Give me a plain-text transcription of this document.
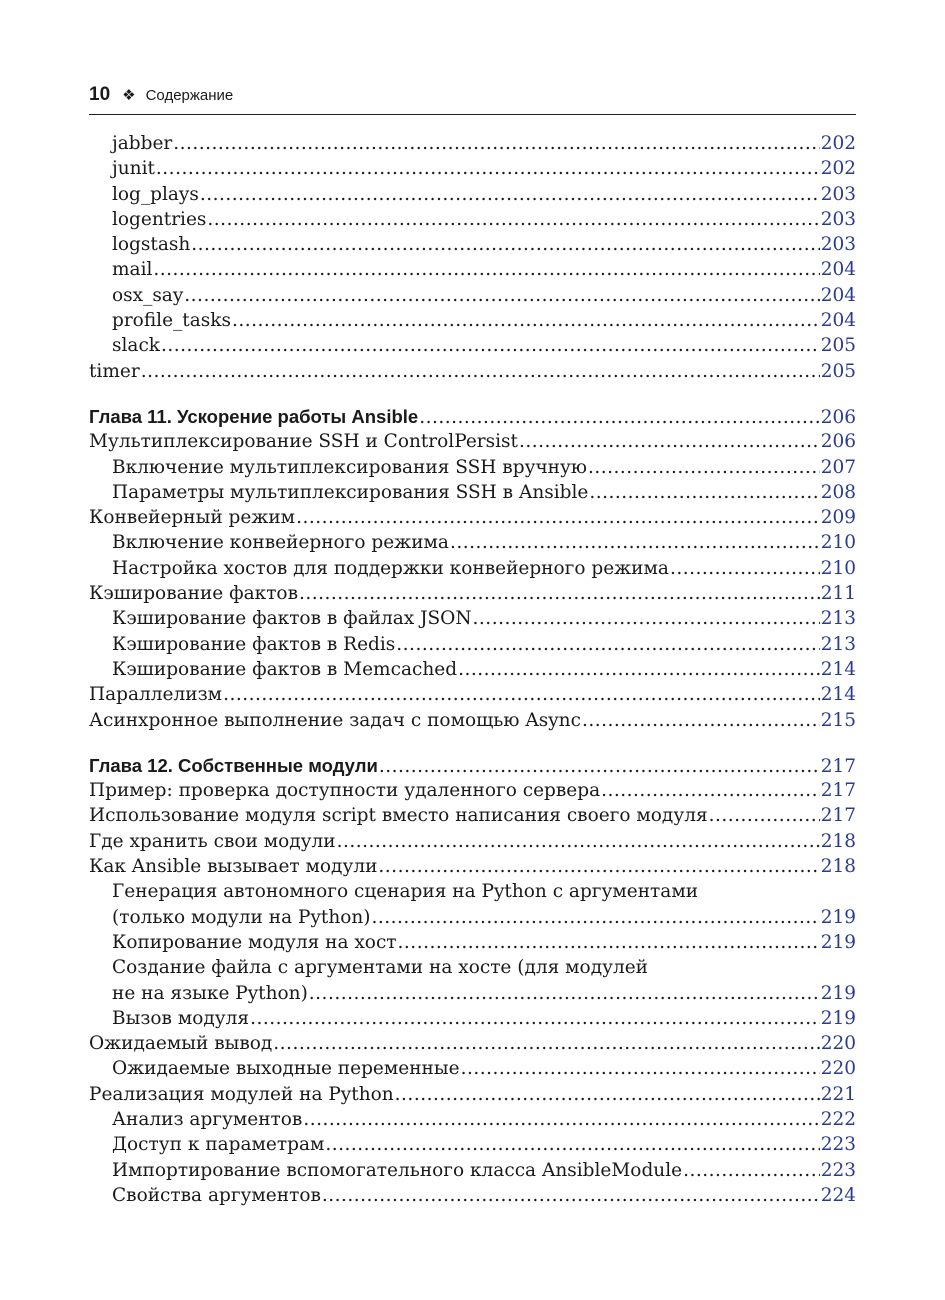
10 ❖ Содержание
jabber .....	202
junit .....	202
log_plays .....	203
logentries .....	203
logstash .....	203
mail .....	204
osx_say .....	204
profile_tasks .....	204
slack .....	205
timer .....	205
Глава 11. Ускорение работы Ansible .....	206
Мультиплексирование SSH и ControlPersist .....	206
Включение мультиплексирования SSH вручную .....	207
Параметры мультиплексирования SSH в Ansible .....	208
Конвейерный режим .....	209
Включение конвейерного режима .....	210
Настройка хостов для поддержки конвейерного режима .....	210
Кэширование фактов .....	211
Кэширование фактов в файлах JSON .....	213
Кэширование фактов в Redis .....	213
Кэширование фактов в Memcached .....	214
Параллелизм .....	214
Асинхронное выполнение задач с помощью Async .....	215
Глава 12. Собственные модули .....	217
Пример: проверка доступности удаленного сервера .....	217
Использование модуля script вместо написания своего модуля .....	217
Где хранить свои модули .....	218
Как Ansible вызывает модули .....	218
Генерация автономного сценария на Python с аргументами
(только модули на Python) .....	219
Копирование модуля на хост .....	219
Создание файла с аргументами на хосте (для модулей
не на языке Python) .....	219
Вызов модуля .....	219
Ожидаемый вывод .....	220
Ожидаемые выходные переменные .....	220
Реализация модулей на Python .....	221
Анализ аргументов .....	222
Доступ к параметрам .....	223
Импортирование вспомогательного класса AnsibleModule .....	223
Свойства аргументов .....	224
